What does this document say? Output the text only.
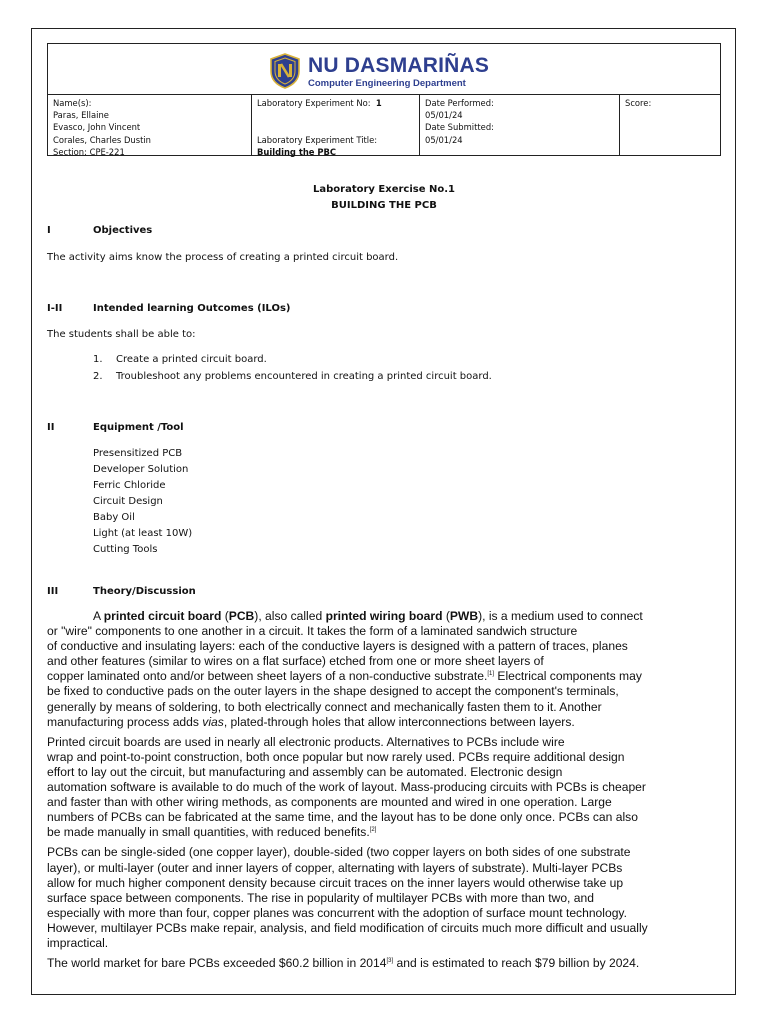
NU DASMARIÑAS
Computer Engineering Department
Name(s):
Paras, Ellaine
Evasco, John Vincent
Corales, Charles Dustin
Section: CPE-221
Laboratory Experiment No: 1

Laboratory Experiment Title:
Building the PBC
Date Performed:
05/01/24
Date Submitted:
05/01/24
Score:
Laboratory Exercise No.1
BUILDING THE PCB
I	Objectives
The activity aims know the process of creating a printed circuit board.
I-II	Intended learning Outcomes (ILOs)
The students shall be able to:
1. Create a printed circuit board.
2. Troubleshoot any problems encountered in creating a printed circuit board.
II	Equipment /Tool
Presensitized PCB
Developer Solution
Ferric Chloride
Circuit Design
Baby Oil
Light (at least 10W)
Cutting Tools
III	Theory/Discussion

A printed circuit board (PCB), also called printed wiring board (PWB), is a medium used to connect
or "wire" components to one another in a circuit. It takes the form of a laminated sandwich structure
of conductive and insulating layers: each of the conductive layers is designed with a pattern of traces, planes
and other features (similar to wires on a flat surface) etched from one or more sheet layers of
copper laminated onto and/or between sheet layers of a non-conductive substrate.[1] Electrical components may
be fixed to conductive pads on the outer layers in the shape designed to accept the component's terminals,
generally by means of soldering, to both electrically connect and mechanically fasten them to it. Another
manufacturing process adds vias, plated-through holes that allow interconnections between layers.

Printed circuit boards are used in nearly all electronic products. Alternatives to PCBs include wire
wrap and point-to-point construction, both once popular but now rarely used. PCBs require additional design
effort to lay out the circuit, but manufacturing and assembly can be automated. Electronic design
automation software is available to do much of the work of layout. Mass-producing circuits with PCBs is cheaper
and faster than with other wiring methods, as components are mounted and wired in one operation. Large
numbers of PCBs can be fabricated at the same time, and the layout has to be done only once. PCBs can also
be made manually in small quantities, with reduced benefits.[2]

PCBs can be single-sided (one copper layer), double-sided (two copper layers on both sides of one substrate
layer), or multi-layer (outer and inner layers of copper, alternating with layers of substrate). Multi-layer PCBs
allow for much higher component density because circuit traces on the inner layers would otherwise take up
surface space between components. The rise in popularity of multilayer PCBs with more than two, and
especially with more than four, copper planes was concurrent with the adoption of surface mount technology.
However, multilayer PCBs make repair, analysis, and field modification of circuits much more difficult and usually
impractical.

The world market for bare PCBs exceeded $60.2 billion in 2014[3] and is estimated to reach $79 billion by 2024.
